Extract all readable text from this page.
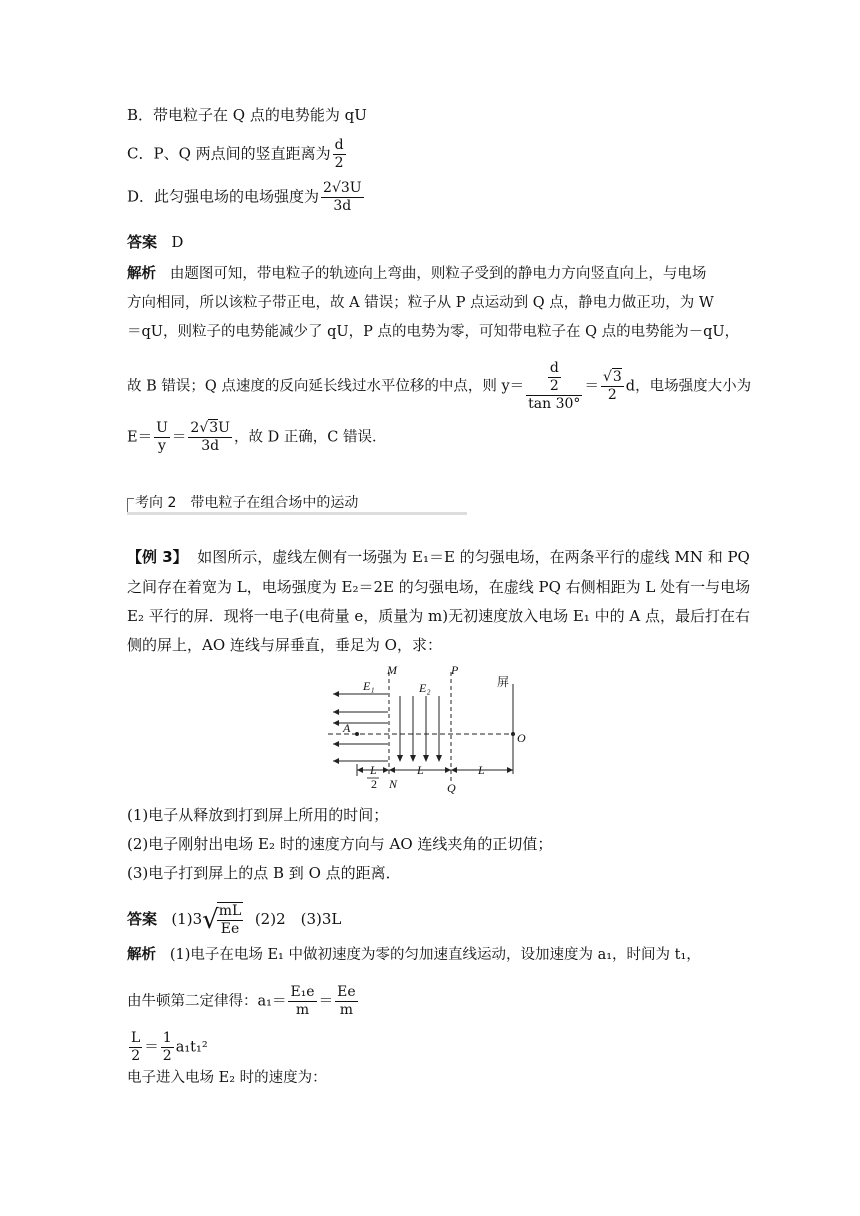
B．带电粒子在 Q 点的电势能为 qU
C．P、Q 两点间的竖直距离为 $\frac{d}{2}$
D．此匀强电场的电场强度为 $\frac{2√3U}{3d}$
答案 D
解析 由题图可知，带电粒子的轨迹向上弯曲，则粒子受到的静电力方向竖直向上，与电场
方向相同，所以该粒子带正电，故 A 错误；粒子从 P 点运动到 Q 点，静电力做正功，为 W
＝qU，则粒子的电势能减少了 qU，P 点的电势为零，可知带电粒子在 Q 点的电势能为－qU，
故 B 错误；Q 点速度的反向延长线过水平位移的中点，则 $y= \frac{\frac{d}{2}}{\tan 30^\circ} = \frac{√3}{2}$ d，电场强度大小为
$E= \frac{U}{y} = \frac{2√3U}{3d}$ ，故 D 正确，C 错误．
考向 2　带电粒子在组合场中的运动
【例 3】 如图所示，虚线左侧有一场强为 E₁＝E 的匀强电场，在两条平行的虚线 MN 和 PQ
之间存在着宽为 L，电场强度为 E₂＝2E 的匀强电场，在虚线 PQ 右侧相距为 L 处有一与电场
E₂ 平行的屏．现将一电子(电荷量 e，质量为 m)无初速度放入电场 E₁ 中的 A 点，最后打在右
侧的屏上，AO 连线与屏垂直，垂足为 O，求：
M	P
E₁	E₂
A
O
N	Q
L
2
L	L
屏
(1)电子从释放到打到屏上所用的时间；
(2)电子刚射出电场 E₂ 时的速度方向与 AO 连线夹角的正切值；
(3)电子打到屏上的点 B 到 O 点的距离．
答案 (1)3√
$\frac{mL}{Ee} (2)2$　(3)3L
解析 (1)电子在电场 E₁ 中做初速度为零的匀加速直线运动，设加速度为 a₁，时间为 t₁，
由牛顿第二定律得：$a_1= \frac{\text{E₁e}}{m} = \frac{Ee}{m}$
$\frac{L}{2} = \frac{1}{2} a_1t_1^2$
电子进入电场 E₂ 时的速度为：
